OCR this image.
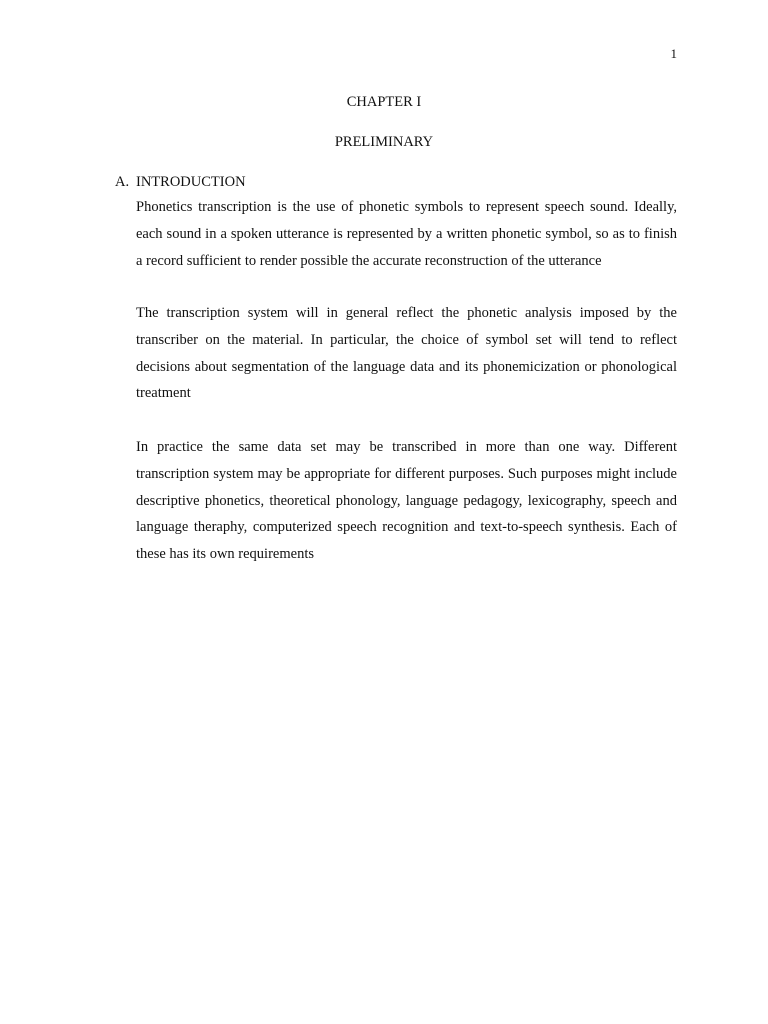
1
CHAPTER I
PRELIMINARY
A. INTRODUCTION

Phonetics transcription is the use of phonetic symbols to represent speech sound. Ideally, each sound in a spoken utterance is represented by a written phonetic symbol, so as to finish a record sufficient to render possible the accurate reconstruction of the utterance

The transcription system will in general reflect the phonetic analysis imposed by the transcriber on the material. In particular, the choice of symbol set will tend to reflect decisions about segmentation of the language data and its phonemicization or phonological treatment

In practice the same data set may be transcribed in more than one way. Different transcription system may be appropriate for different purposes. Such purposes might include descriptive phonetics, theoretical phonology, language pedagogy, lexicography, speech and language theraphy, computerized speech recognition and text-to-speech synthesis. Each of these has its own requirements
